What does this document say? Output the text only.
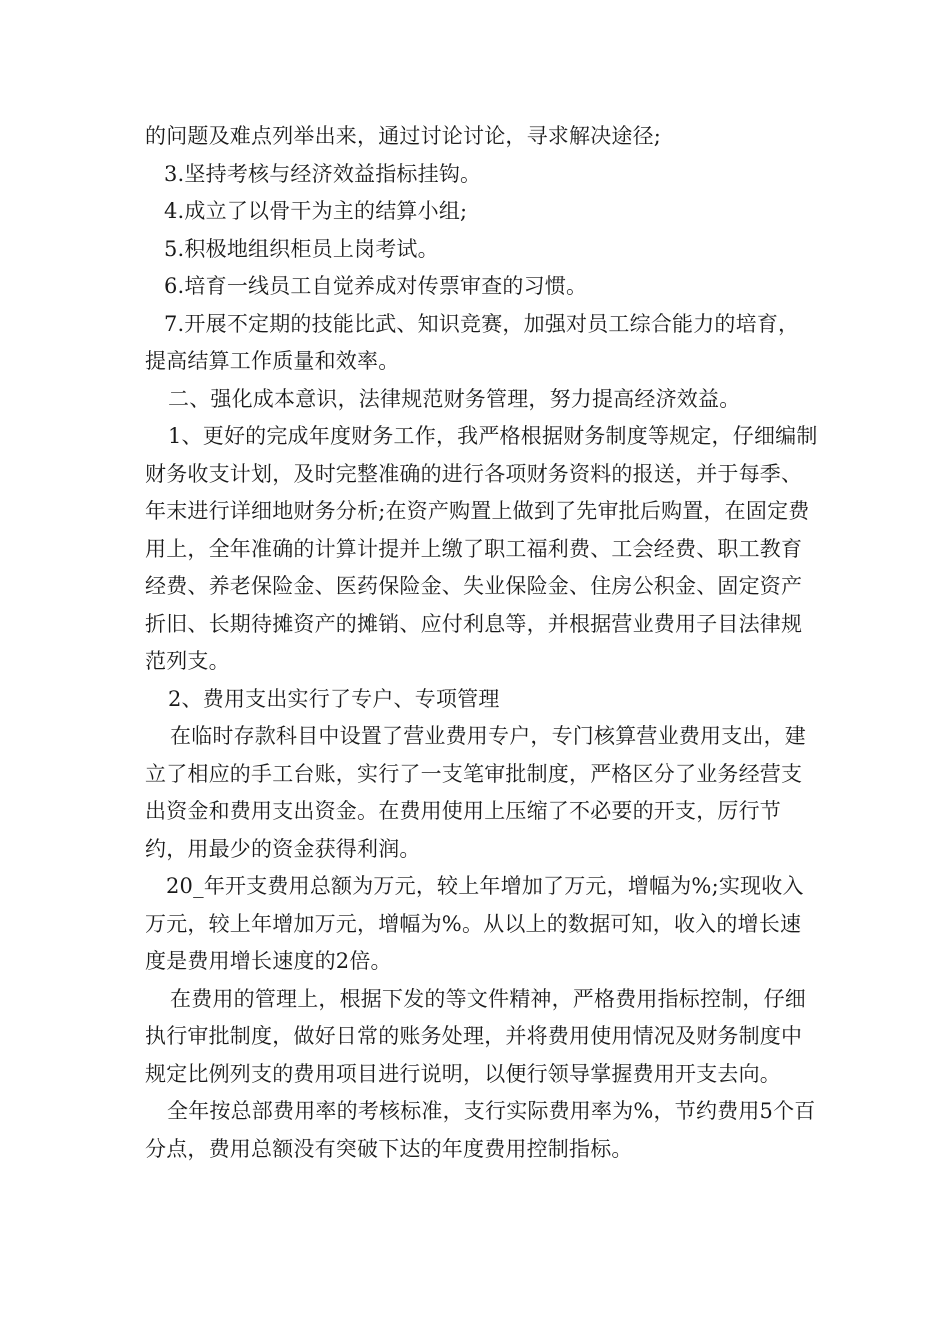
的问题及难点列举出来，通过讨论讨论，寻求解决途径;

3.坚持考核与经济效益指标挂钩。

4.成立了以骨干为主的结算小组;

5.积极地组织柜员上岗考试。

6.培育一线员工自觉养成对传票审查的习惯。

7.开展不定期的技能比武、知识竞赛，加强对员工综合能力的培育，提高结算工作质量和效率。

二、强化成本意识，法律规范财务管理，努力提高经济效益。

1、更好的完成年度财务工作，我严格根据财务制度等规定，仔细编制财务收支计划，及时完整准确的进行各项财务资料的报送，并于每季、年末进行详细地财务分析;在资产购置上做到了先审批后购置，在固定费用上，全年准确的计算计提并上缴了职工福利费、工会经费、职工教育经费、养老保险金、医药保险金、失业保险金、住房公积金、固定资产折旧、长期待摊资产的摊销、应付利息等，并根据营业费用子目法律规范列支。

2、费用支出实行了专户、专项管理

在临时存款科目中设置了营业费用专户，专门核算营业费用支出，建立了相应的手工台账，实行了一支笔审批制度，严格区分了业务经营支出资金和费用支出资金。在费用使用上压缩了不必要的开支，厉行节约，用最少的资金获得利润。

20_年开支费用总额为万元，较上年增加了万元，增幅为%;实现收入万元，较上年增加万元，增幅为%。从以上的数据可知，收入的增长速度是费用增长速度的2倍。

在费用的管理上，根据下发的等文件精神，严格费用指标控制，仔细执行审批制度，做好日常的账务处理，并将费用使用情况及财务制度中规定比例列支的费用项目进行说明，以便行领导掌握费用开支去向。

全年按总部费用率的考核标准，支行实际费用率为%，节约费用5个百分点，费用总额没有突破下达的年度费用控制指标。
